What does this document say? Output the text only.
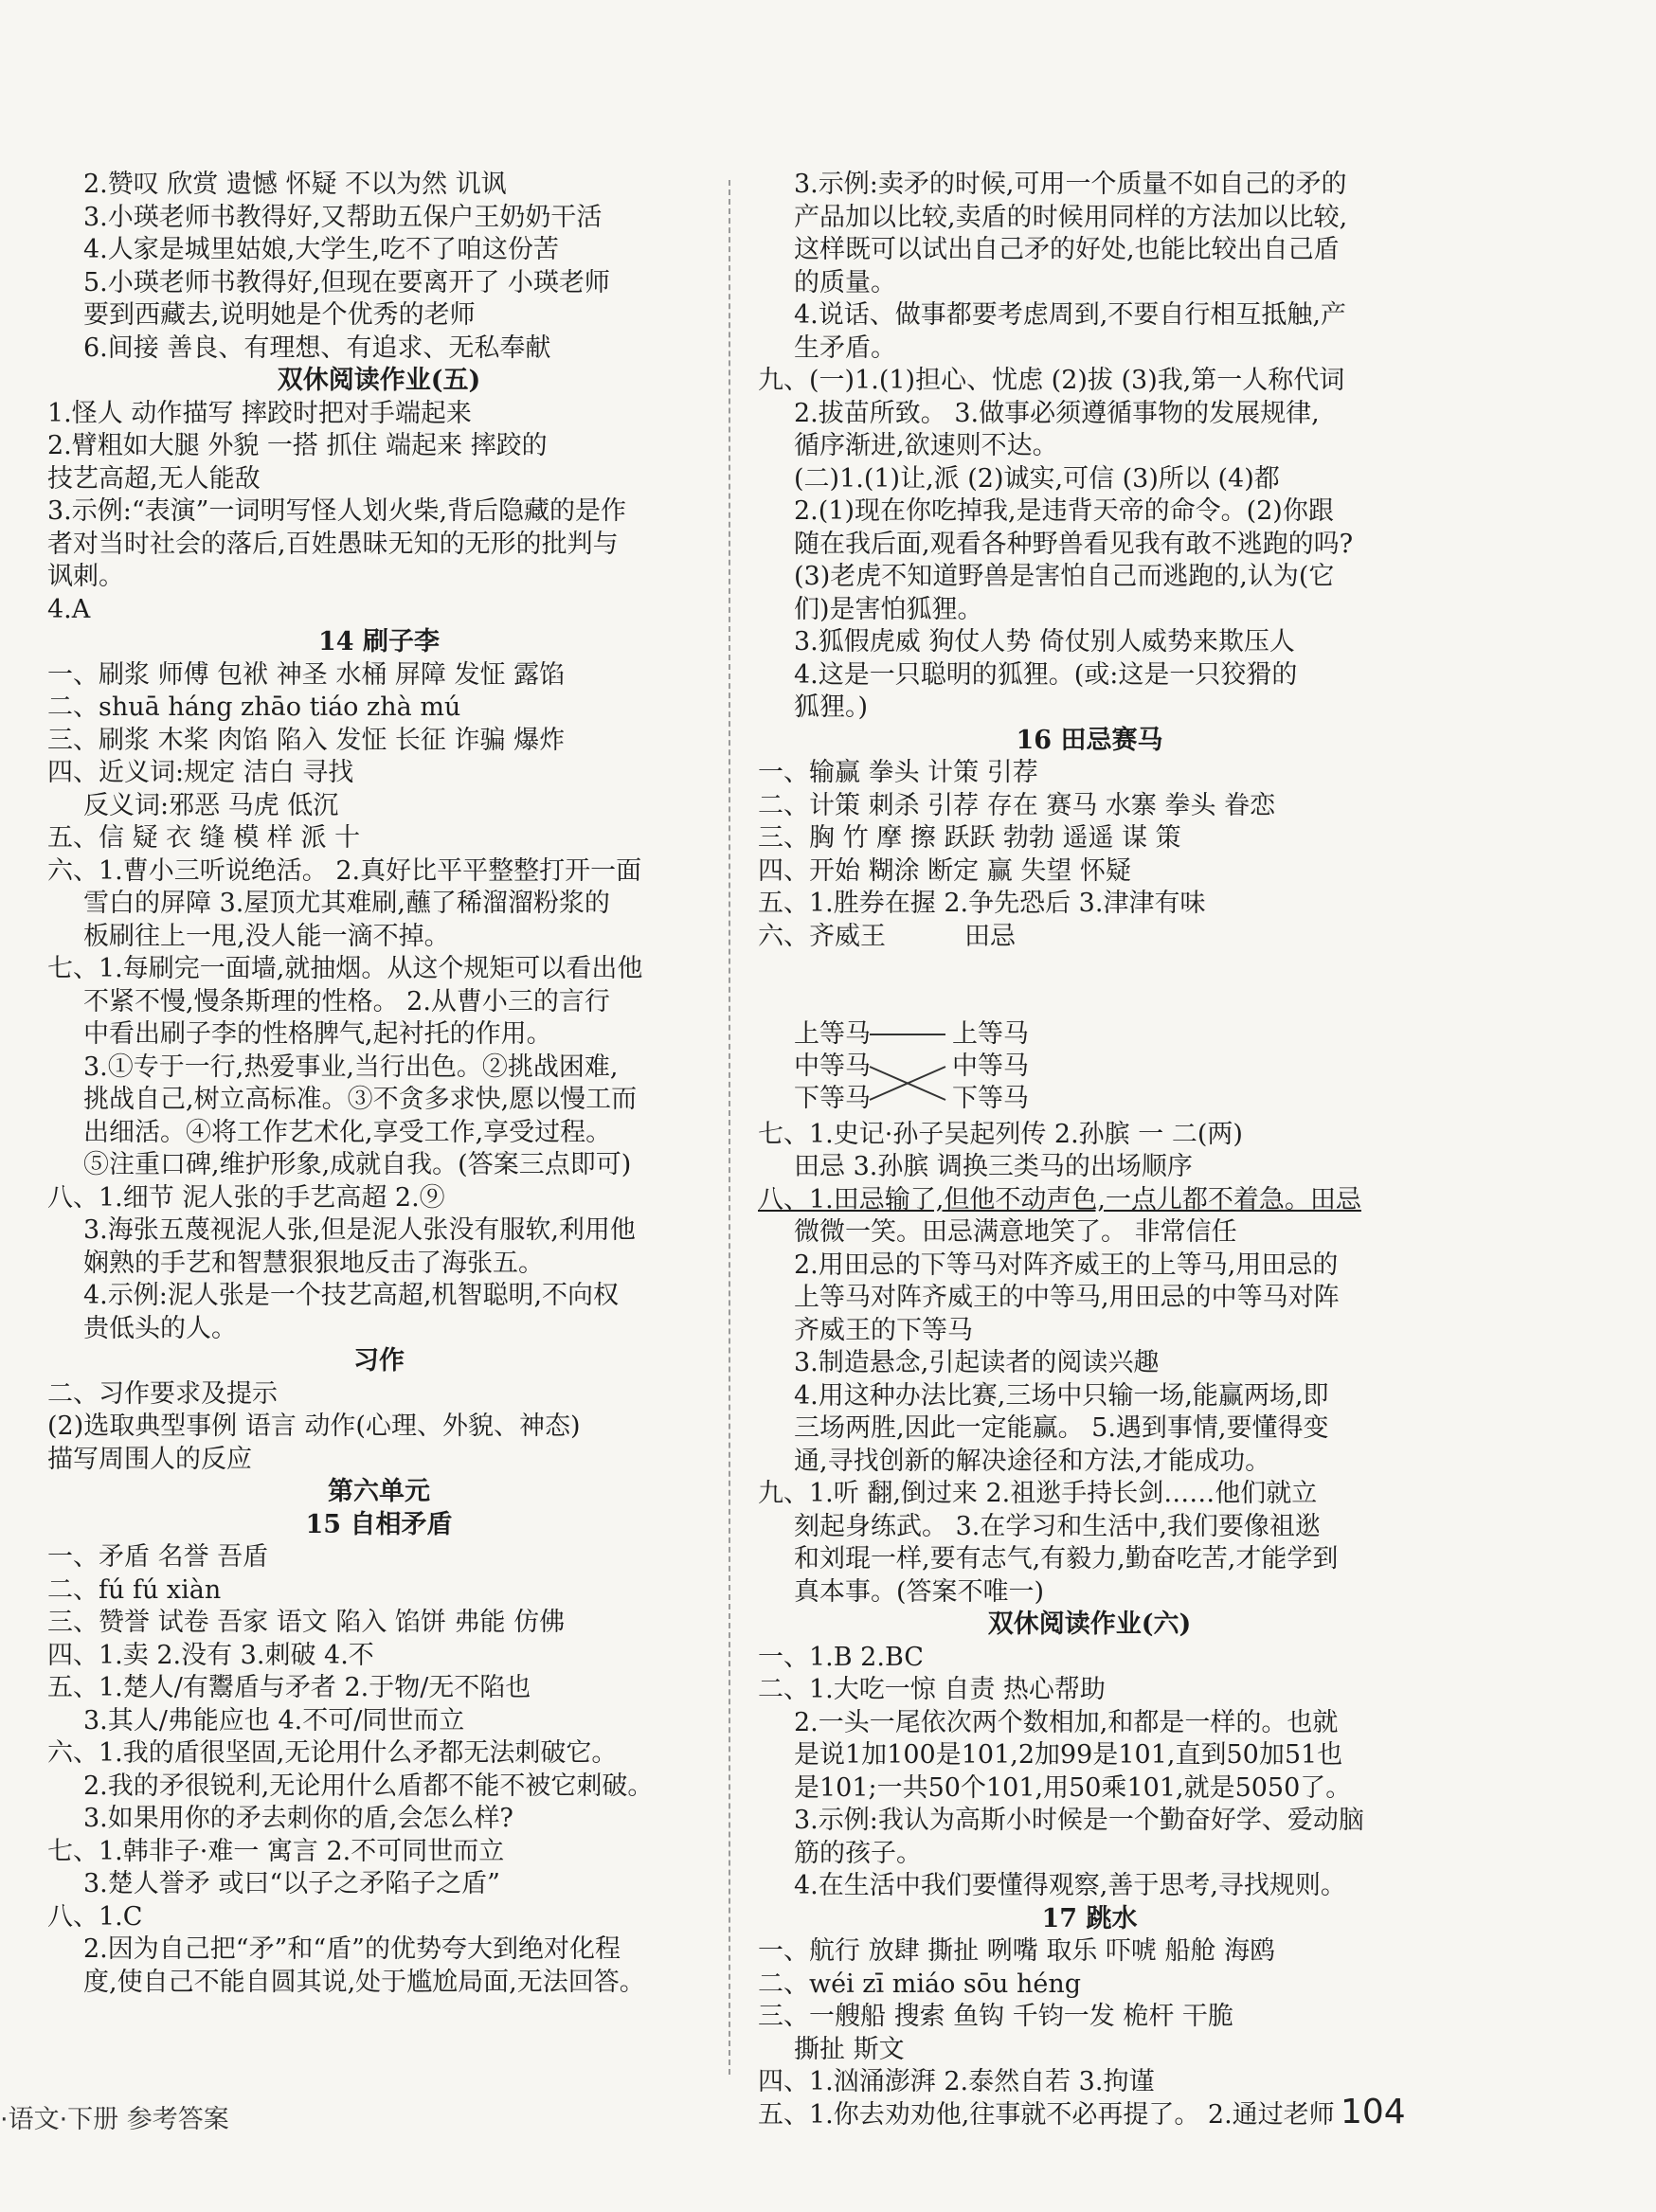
2.赞叹 欣赏 遗憾 怀疑 不以为然 讥讽
3.小瑛老师书教得好,又帮助五保户王奶奶干活
4.人家是城里姑娘,大学生,吃不了咱这份苦
5.小瑛老师书教得好,但现在要离开了 小瑛老师
要到西藏去,说明她是个优秀的老师
6.间接 善良、有理想、有追求、无私奉献
双休阅读作业(五)
1.怪人 动作描写 摔跤时把对手端起来
2.臂粗如大腿 外貌 一搭 抓住 端起来 摔跤的
技艺高超,无人能敌
3.示例:“表演”一词明写怪人划火柴,背后隐藏的是作
者对当时社会的落后,百姓愚昧无知的无形的批判与
讽刺。
4.A
14 刷子李
一、刷浆 师傅 包袱 神圣 水桶 屏障 发怔 露馅
二、shuā háng zhāo tiáo zhà mú
三、刷浆 木桨 肉馅 陷入 发怔 长征 诈骗 爆炸
四、近义词:规定 洁白 寻找
反义词:邪恶 马虎 低沉
五、信 疑 衣 缝 模 样 派 十
六、1.曹小三听说绝活。 2.真好比平平整整打开一面
雪白的屏障 3.屋顶尤其难刷,蘸了稀溜溜粉浆的
板刷往上一甩,没人能一滴不掉。
七、1.每刷完一面墙,就抽烟。从这个规矩可以看出他
不紧不慢,慢条斯理的性格。 2.从曹小三的言行
中看出刷子李的性格脾气,起衬托的作用。
3.①专于一行,热爱事业,当行出色。②挑战困难,
挑战自己,树立高标准。③不贪多求快,愿以慢工而
出细活。④将工作艺术化,享受工作,享受过程。
⑤注重口碑,维护形象,成就自我。(答案三点即可)
八、1.细节 泥人张的手艺高超 2.⑨
3.海张五蔑视泥人张,但是泥人张没有服软,利用他
娴熟的手艺和智慧狠狠地反击了海张五。
4.示例:泥人张是一个技艺高超,机智聪明,不向权
贵低头的人。
习作
二、习作要求及提示
(2)选取典型事例 语言 动作(心理、外貌、神态)
描写周围人的反应
第六单元
15 自相矛盾
一、矛盾 名誉 吾盾
二、fú fú xiàn
三、赞誉 试卷 吾家 语文 陷入 馅饼 弗能 仿佛
四、1.卖 2.没有 3.刺破 4.不
五、1.楚人/有鬻盾与矛者 2.于物/无不陷也
3.其人/弗能应也 4.不可/同世而立
六、1.我的盾很坚固,无论用什么矛都无法刺破它。
2.我的矛很锐利,无论用什么盾都不能不被它刺破。
3.如果用你的矛去刺你的盾,会怎么样?
七、1.韩非子·难一 寓言 2.不可同世而立
3.楚人誉矛 或曰“以子之矛陷子之盾”
八、1.C
2.因为自己把“矛”和“盾”的优势夸大到绝对化程
度,使自己不能自圆其说,处于尴尬局面,无法回答。
3.示例:卖矛的时候,可用一个质量不如自己的矛的
产品加以比较,卖盾的时候用同样的方法加以比较,
这样既可以试出自己矛的好处,也能比较出自己盾
的质量。
4.说话、做事都要考虑周到,不要自行相互抵触,产
生矛盾。
九、(一)1.(1)担心、忧虑 (2)拔 (3)我,第一人称代词
2.拔苗所致。 3.做事必须遵循事物的发展规律,
循序渐进,欲速则不达。
(二)1.(1)让,派 (2)诚实,可信 (3)所以 (4)都
2.(1)现在你吃掉我,是违背天帝的命令。(2)你跟
随在我后面,观看各种野兽看见我有敢不逃跑的吗?
(3)老虎不知道野兽是害怕自己而逃跑的,认为(它
们)是害怕狐狸。
3.狐假虎威 狗仗人势 倚仗别人威势来欺压人
4.这是一只聪明的狐狸。(或:这是一只狡猾的
狐狸。)
16 田忌赛马
一、输赢 拳头 计策 引荐
二、计策 刺杀 引荐 存在 赛马 水寨 拳头 眷恋
三、胸 竹 摩 擦 跃跃 勃勃 遥遥 谋 策
四、开始 糊涂 断定 赢 失望 怀疑
五、1.胜券在握 2.争先恐后 3.津津有味
六、齐威王	田忌
上等马
中等马
下等马
上等马
中等马
下等马
七、1.史记·孙子吴起列传 2.孙膑 一 二(两)
田忌 3.孙膑 调换三类马的出场顺序
八、1.田忌输了,但他不动声色,一点儿都不着急。田忌
微微一笑。田忌满意地笑了。 非常信任
2.用田忌的下等马对阵齐威王的上等马,用田忌的
上等马对阵齐威王的中等马,用田忌的中等马对阵
齐威王的下等马
3.制造悬念,引起读者的阅读兴趣
4.用这种办法比赛,三场中只输一场,能赢两场,即
三场两胜,因此一定能赢。 5.遇到事情,要懂得变
通,寻找创新的解决途径和方法,才能成功。
九、1.听 翻,倒过来 2.祖逖手持长剑……他们就立
刻起身练武。 3.在学习和生活中,我们要像祖逖
和刘琨一样,要有志气,有毅力,勤奋吃苦,才能学到
真本事。(答案不唯一)
双休阅读作业(六)
一、1.B 2.BC
二、1.大吃一惊 自责 热心帮助
2.一头一尾依次两个数相加,和都是一样的。也就
是说1加100是101,2加99是101,直到50加51也
是101;一共50个101,用50乘101,就是5050了。
3.示例:我认为高斯小时候是一个勤奋好学、爱动脑
筋的孩子。
4.在生活中我们要懂得观察,善于思考,寻找规则。
17 跳水
一、航行 放肆 撕扯 咧嘴 取乐 吓唬 船舱 海鸥
二、wéi zī miáo sōu héng
三、一艘船 搜索 鱼钩 千钧一发 桅杆 干脆
撕扯 斯文
四、1.汹涌澎湃 2.泰然自若 3.拘谨
五、1.你去劝劝他,往事就不必再提了。 2.通过老师
·语文·下册 参考答案	104
